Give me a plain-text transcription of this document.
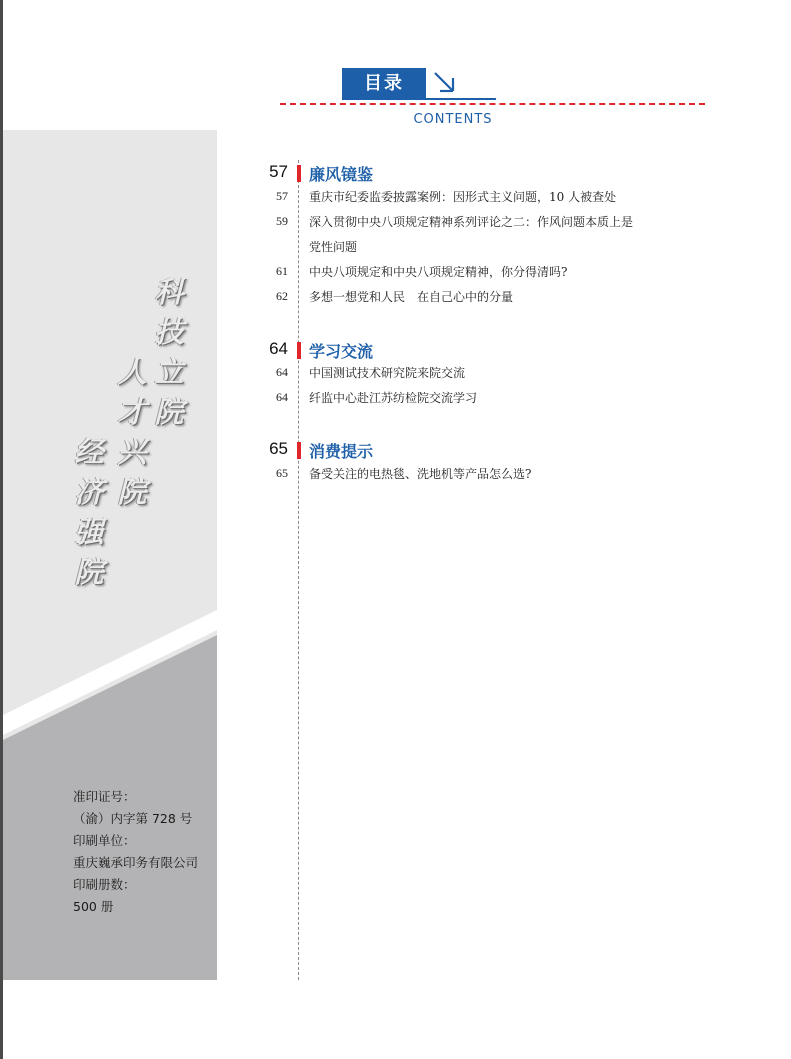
科技立院
人才兴院
经济强院
准印证号：
（渝）内字第 728 号
印刷单位：
重庆巍承印务有限公司
印刷册数：
500 册
目录
CONTENTS
57 廉风镜鉴
57 重庆市纪委监委披露案例：因形式主义问题，10 人被查处
59 深入贯彻中央八项规定精神系列评论之二：作风问题本质上是
党性问题
61 中央八项规定和中央八项规定精神，你分得清吗?
62 多想一想党和人民　在自己心中的分量
64 学习交流
64 中国测试技术研究院来院交流
64 纤监中心赴江苏纺检院交流学习
65 消费提示
65 备受关注的电热毯、洗地机等产品怎么选?
